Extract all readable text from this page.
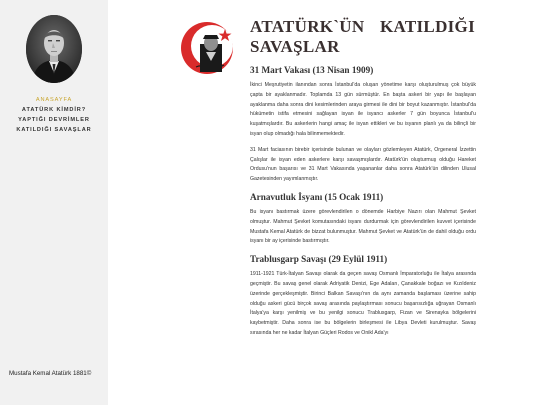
ANASAYFA
ATATÜRK KİMDİR?
YAPTIĞI DEVRİMLER
KATILDIĞI SAVAŞLAR
Mustafa Kemal Atatürk 1881©
ATATÜRK`ÜN KATILDIĞI
SAVAŞLAR
31 Mart Vakası (13 Nisan 1909)

İkinci Meşrutiyetin ilanından sonra İstanbul'da oluşan yönetime karşı oluşturulmuş çok büyük çapta bir ayaklanmadır. Toplamda 13 gün sürmüştür. En başta askeri bir yapı ile başlayan ayaklanma daha sonra dini kesimlerinden araya girmesi ile dini bir boyut kazanmıştır. İstanbul'da hükümetin istifa etmesini sağlayan isyan ile isyancı askerler 7 gün boyunca İstanbul'u kuşatmışlardır. Bu askerlerin hangi amaç ile isyan ettikleri ve bu isyanın planlı ya da bilinçli bir isyan olup olmadığı hala bilinmemektedir.

31 Mart faciasının birebir içerisinde bulunan ve olayları gözlemleyen Atatürk, Orgeneral İzzettin Çalışlar ile isyan eden askerlere karşı savaşmışlardır. Atatürk'ün oluşturmuş olduğu Hareket Ordusu'nun başarısı ve 31 Mart Vakasında yaşananlar daha sonra Atatürk'ün dilinden Ulusal Gazetesinden yayımlanmıştır.

Arnavutluk İsyanı (15 Ocak 1911)

Bu isyanı bastırmak üzere görevlendirilen o dönemde Harbiye Nazırı olan Mahmut Şevket olmuştur. Mahmut Şevket komutasındaki isyanı durdurmak için görevlendirilen kuvvet içerisinde Mustafa Kemal Atatürk de bizzat bulunmuştur. Mahmut Şevket ve Atatürk'ün de dahil olduğu ordu isyanı bir ay içerisinde bastırmıştır.

Trablusgarp Savaşı (29 Eylül 1911)

1911-1921 Türk-İtalyan Savaşı olarak da geçen savaş Osmanlı İmparatorluğu ile İtalya arasında geçmiştir. Bu savaş genel olarak Adriyatik Denizi, Ege Adaları, Çanakkale boğazı ve Kızıldeniz üzerinde gerçekleşmiştir. Birinci Balkan Savaşı'nın da aynı zamanda başlaması üzerine sahip olduğu askeri gücü birçok savaş arasında paylaştırması sonucu başarısızlığa uğrayan Osmanlı İtalya'ya karşı yenilmiş ve bu yenilgi sonucu Trablusgarp, Fizan ve Sirenayka bölgelerini kaybetmiştir. Daha sonra ise bu bölgelerin birleşmesi ile Libya Devleti kurulmuştur. Savaş sırasında her ne kadar İtalyan Güçleri Rodos ve Onikl Ada'yı
